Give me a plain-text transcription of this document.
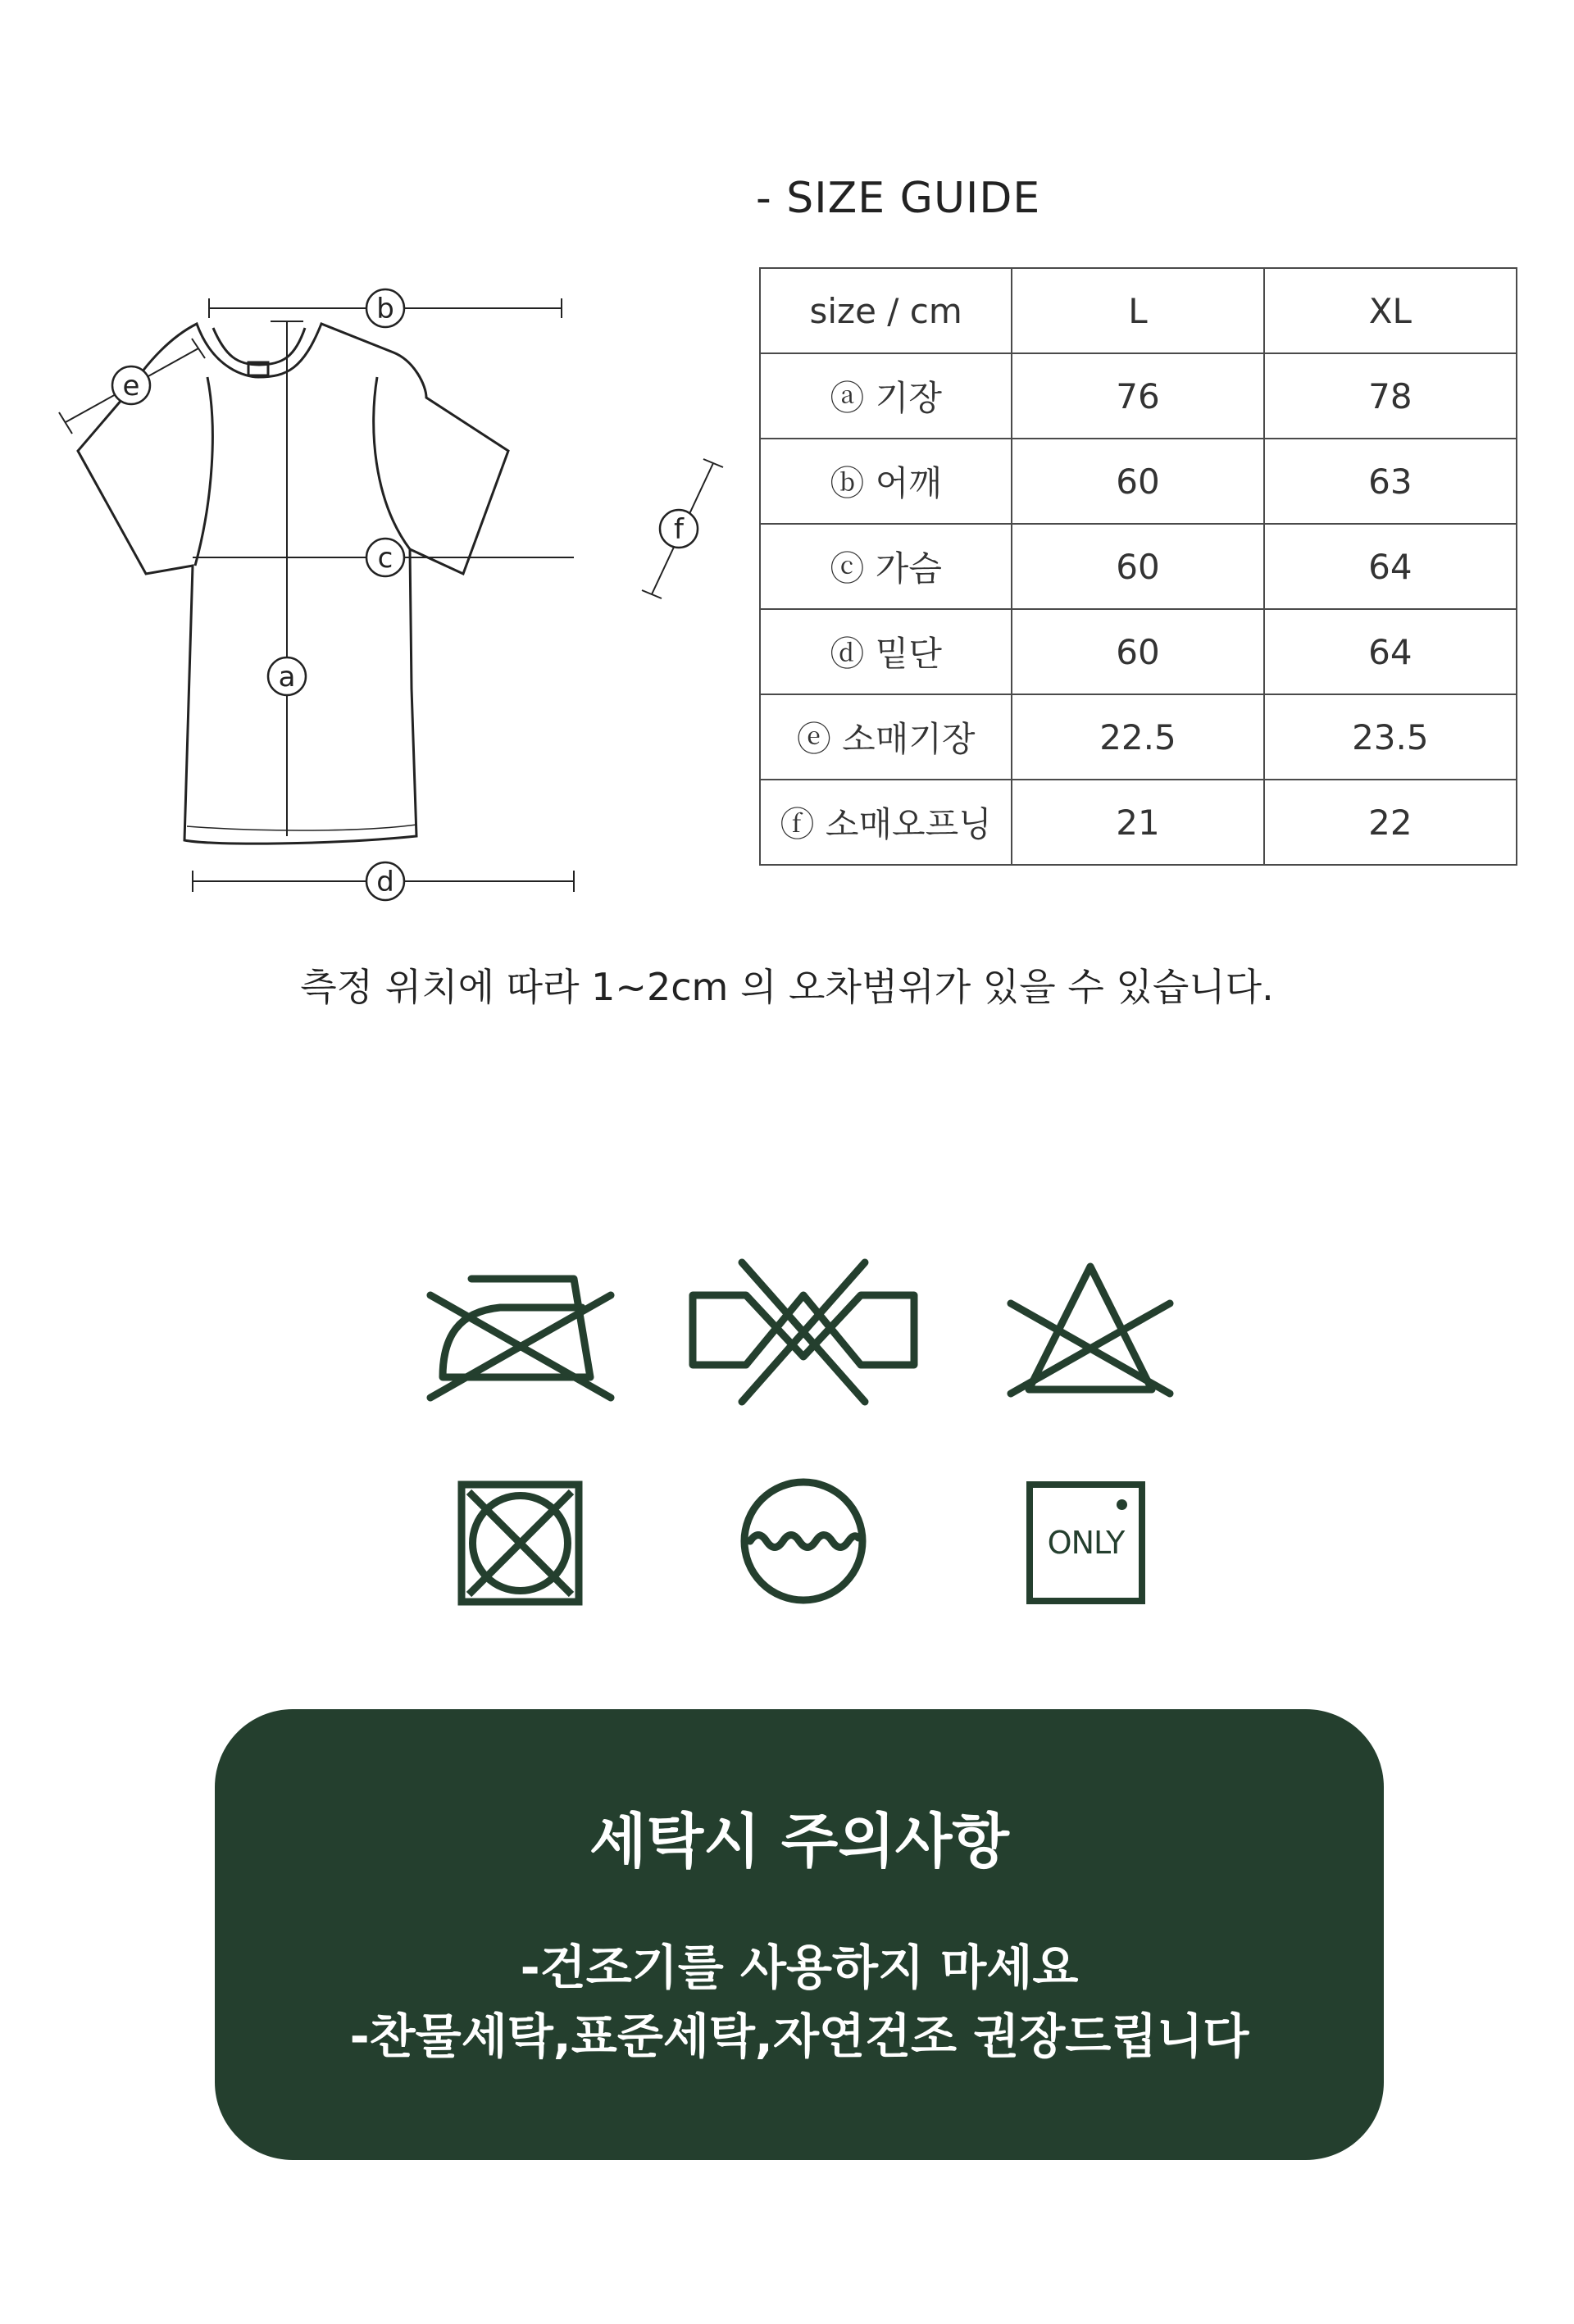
b
c
a
d
e
f
- SIZE GUIDE
size / cm	L	XL
ⓐ 기장	76	78
ⓑ 어깨	60	63
ⓒ 가슴	60	64
ⓓ 밑단	60	64
ⓔ 소매기장	22.5	23.5
ⓕ 소매오프닝	21	22
측정 위치에 따라 1~2cm 의 오차범위가 있을 수 있습니다.
ONLY
세탁시 주의사항
-건조기를 사용하지 마세요
-찬물세탁,표준세탁,자연건조 권장드립니다
